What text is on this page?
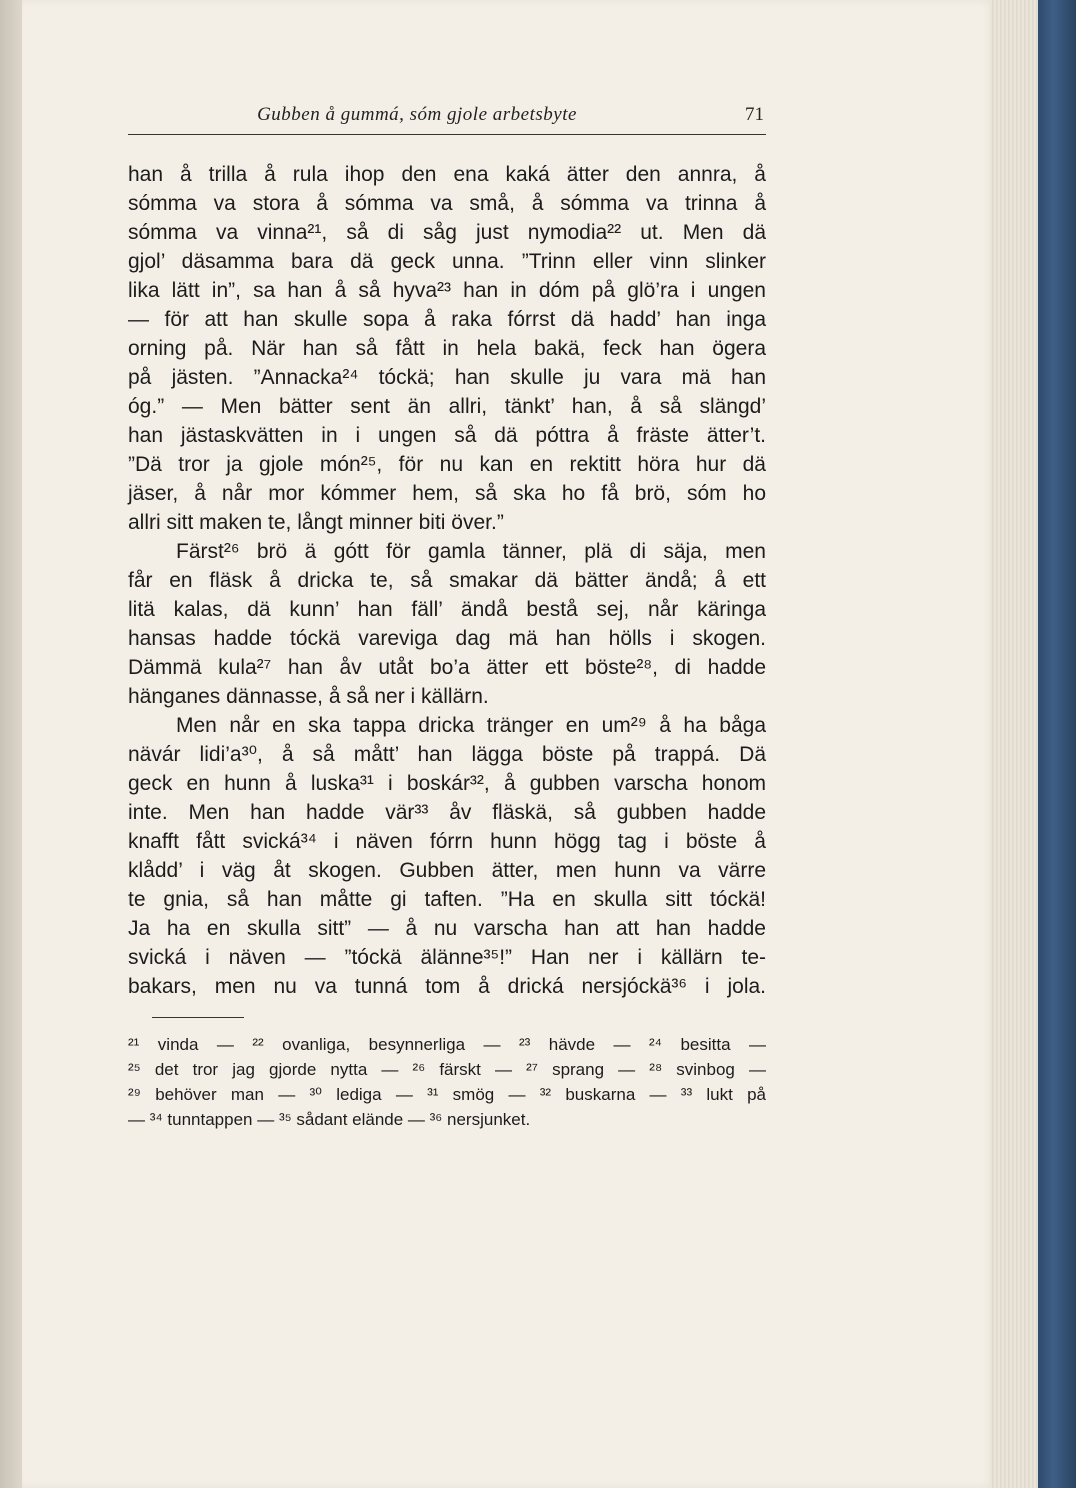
Gubben å gummá, sóm gjole arbetsbyte	71
han å trilla å rula ihop den ena kaká ätter den annra, å
sómma va stora å sómma va små, å sómma va trinna å
sómma va vinna²¹, så di såg just nymodia²² ut. Men dä
gjol’ däsamma bara dä geck unna. ”Trinn eller vinn slinker
lika lätt in”, sa han å så hyva²³ han in dóm på glö’ra i ungen
— för att han skulle sopa å raka fórrst dä hadd’ han inga
orning på. När han så fått in hela bakä, feck han ögera
på jästen. ”Annacka²⁴ tóckä; han skulle ju vara mä han
óg.” — Men bätter sent än allri, tänkt’ han, å så slängd’
han jästaskvätten in i ungen så dä póttra å fräste ätter’t.
”Dä tror ja gjole món²⁵, för nu kan en rektitt höra hur dä
jäser, å når mor kómmer hem, så ska ho få brö, sóm ho
allri sitt maken te, långt minner biti över.”
Färst²⁶ brö ä gótt för gamla tänner, plä di säja, men
får en fläsk å dricka te, så smakar dä bätter ändå; å ett
litä kalas, dä kunn’ han fäll’ ändå bestå sej, når käringa
hansas hadde tóckä vareviga dag mä han hölls i skogen.
Dämmä kula²⁷ han åv utåt bo’a ätter ett böste²⁸, di hadde
hänganes dännasse, å så ner i källärn.
Men når en ska tappa dricka tränger en um²⁹ å ha båga
nävár lidi’a³⁰, å så mått’ han lägga böste på trappá. Dä
geck en hunn å luska³¹ i boskár³², å gubben varscha honom
inte. Men han hadde vär³³ åv fläskä, så gubben hadde
knafft fått svická³⁴ i näven fórrn hunn högg tag i böste å
klådd’ i väg åt skogen. Gubben ätter, men hunn va värre
te gnia, så han måtte gi taften. ”Ha en skulla sitt tóckä!
Ja ha en skulla sitt” — å nu varscha han att han hadde
svická i näven — ”tóckä älänne³⁵!” Han ner i källärn te-
bakars, men nu va tunná tom å drická nersjóckä³⁶ i jola.
²¹ vinda — ²² ovanliga, besynnerliga — ²³ hävde — ²⁴ besitta —
²⁵ det tror jag gjorde nytta — ²⁶ färskt — ²⁷ sprang — ²⁸ svinbog —
²⁹ behöver man — ³⁰ lediga — ³¹ smög — ³² buskarna — ³³ lukt på
— ³⁴ tunntappen — ³⁵ sådant elände — ³⁶ nersjunket.
